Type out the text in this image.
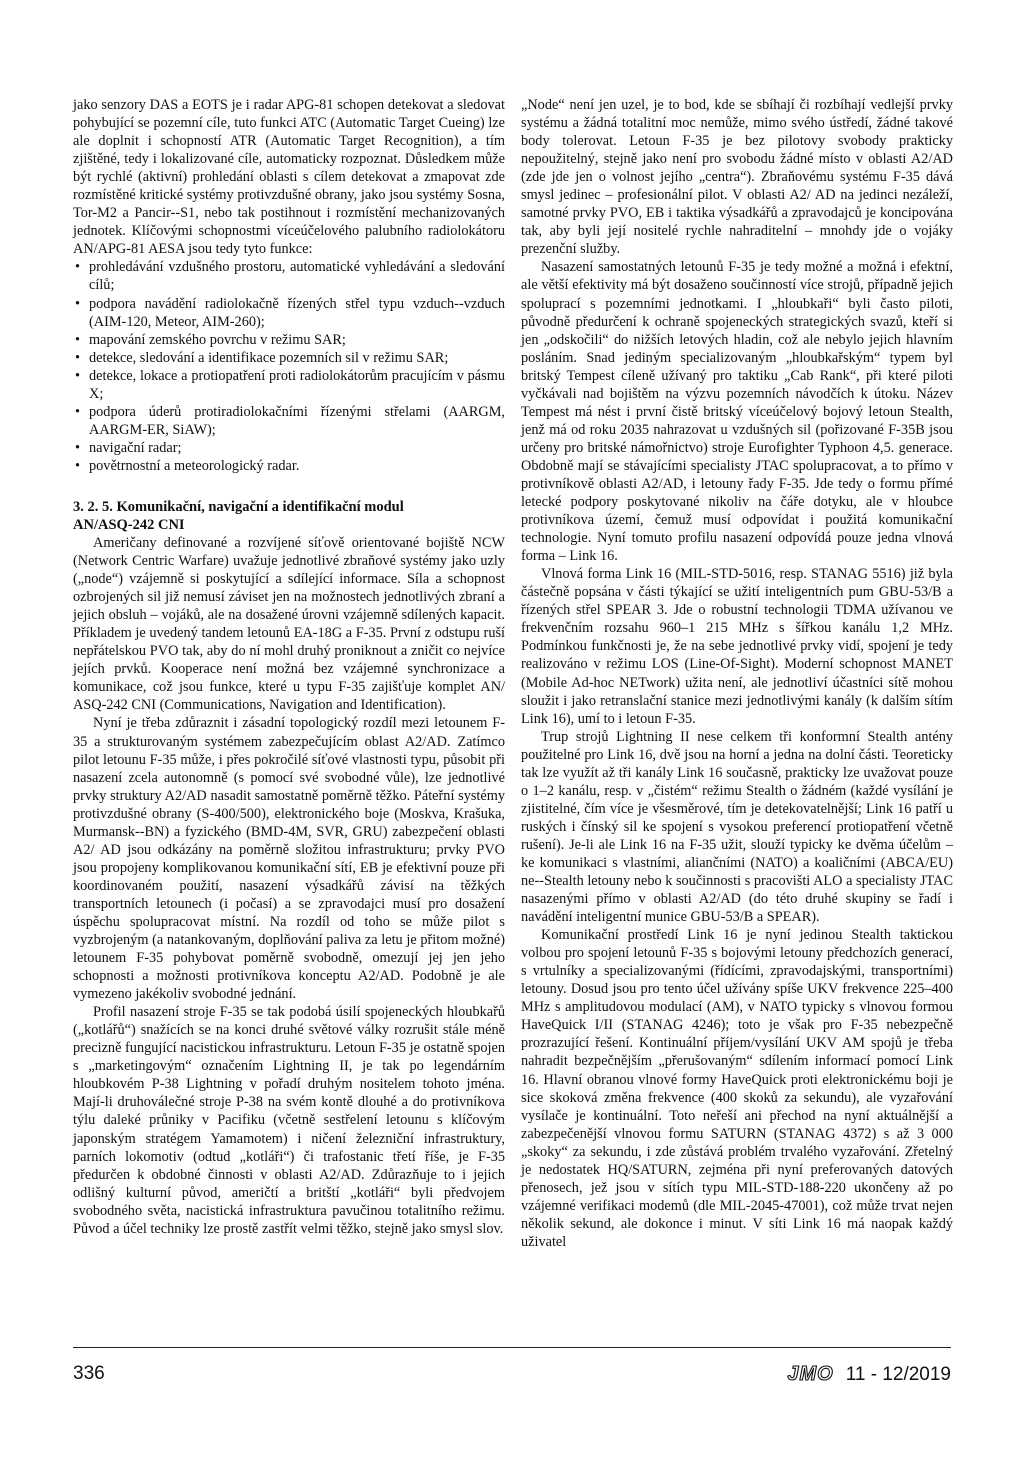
jako senzory DAS a EOTS je i radar APG-81 schopen detekovat a sledovat pohybující se pozemní cíle, tuto funkci ATC (Automatic Target Cueing) lze ale doplnit i schopností ATR (Automatic Target Recognition), a tím zjištěné, tedy i lokalizované cíle, automaticky rozpoznat. Důsledkem může být rychlé (aktivní) prohledání oblasti s cílem detekovat a zmapovat zde rozmístěné kritické systémy protivzdušné obrany, jako jsou systémy Sosna, Tor-M2 a Pancir--S1, nebo tak postihnout i rozmístění mechanizovaných jednotek. Klíčovými schopnostmi víceúčelového palubního radiolokátoru AN/APG-81 AESA jsou tedy tyto funkce:

• prohledávání vzdušného prostoru, automatické vyhledávání a sledování cílů;
• podpora navádění radiolokačně řízených střel typu vzduch--vzduch (AIM-120, Meteor, AIM-260);
• mapování zemského povrchu v režimu SAR;
• detekce, sledování a identifikace pozemních sil v režimu SAR;
• detekce, lokace a protiopatření proti radiolokátorům pracujícím v pásmu X;
• podpora úderů protiradiolokačními řízenými střelami (AARGM, AARGM-ER, SiAW);
• navigační radar;
• povětrnostní a meteorologický radar.
3. 2. 5. Komunikační, navigační a identifikační modul
AN/ASQ-242 CNI

Američany definované a rozvíjené síťově orientované bojiště NCW (Network Centric Warfare) uvažuje jednotlivé zbraňové systémy jako uzly („node“) vzájemně si poskytující a sdílející informace. Síla a schopnost ozbrojených sil již nemusí záviset jen na možnostech jednotlivých zbraní a jejich obsluh – vojáků, ale na dosažené úrovni vzájemně sdílených kapacit. Příkladem je uvedený tandem letounů EA-18G a F-35. První z odstupu ruší nepřátelskou PVO tak, aby do ní mohl druhý proniknout a zničit co nejvíce jejích prvků. Kooperace není možná bez vzájemné synchronizace a komunikace, což jsou funkce, které u typu F-35 zajišťuje komplet AN/ ASQ-242 CNI (Communications, Navigation and Identification).

Nyní je třeba zdůraznit i zásadní topologický rozdíl mezi letounem F-35 a strukturovaným systémem zabezpečujícím oblast A2/AD. Zatímco pilot letounu F-35 může, i přes pokročilé síťové vlastnosti typu, působit při nasazení zcela autonomně (s pomocí své svobodné vůle), lze jednotlivé prvky struktury A2/AD nasadit samostatně poměrně těžko. Páteřní systémy protivzdušné obrany (S-400/500), elektronického boje (Moskva, Krašuka, Murmansk--BN) a fyzického (BMD-4M, SVR, GRU) zabezpečení oblasti A2/ AD jsou odkázány na poměrně složitou infrastrukturu; prvky PVO jsou propojeny komplikovanou komunikační sítí, EB je efektivní pouze při koordinovaném použití, nasazení výsadkářů závisí na těžkých transportních letounech (i počasí) a se zpravodajci musí pro dosažení úspěchu spolupracovat místní. Na rozdíl od toho se může pilot s vyzbrojeným (a natankovaným, doplňování paliva za letu je přitom možné) letounem F-35 pohybovat poměrně svobodně, omezují jej jen jeho schopnosti a možnosti protivníkova konceptu A2/AD. Podobně je ale vymezeno jakékoliv svobodné jednání.

Profil nasazení stroje F-35 se tak podobá úsilí spojeneckých hloubkařů („kotlářů“) snažících se na konci druhé světové války rozrušit stále méně precizně fungující nacistickou infrastrukturu. Letoun F-35 je ostatně spojen s „marketingovým“ označením Lightning II, je tak po legendárním hloubkovém P-38 Lightning v pořadí druhým nositelem tohoto jména. Mají-li druhoválečné stroje P-38 na svém kontě dlouhé a do protivníkova týlu daleké průniky v Pacifiku (včetně sestřelení letounu s klíčovým japonským stratégem Yamamotem) i ničení železniční infrastruktury, parních lokomotiv (odtud „kotláři“) či trafostanic třetí říše, je F-35 předurčen k obdobné činnosti v oblasti A2/AD. Zdůrazňuje to i jejich odlišný kulturní původ, američtí a britští „kotláři“ byli předvojem svobodného světa, nacistická infrastruktura pavučinou totalitního režimu. Původ a účel techniky lze prostě zastřít velmi těžko, stejně jako smysl slov.

„Node“ není jen uzel, je to bod, kde se sbíhají či rozbíhají vedlejší prvky systému a žádná totalitní moc nemůže, mimo svého ústředí, žádné takové body tolerovat. Letoun F-35 je bez pilotovy svobody prakticky nepoužitelný, stejně jako není pro svobodu žádné místo v oblasti A2/AD (zde jde jen o volnost jejího „centra“). Zbraňovému systému F-35 dává smysl jedinec – profesionální pilot. V oblasti A2/ AD na jedinci nezáleží, samotné prvky PVO, EB i taktika výsadkářů a zpravodajců je koncipována tak, aby byli její nositelé rychle nahraditelní – mnohdy jde o vojáky prezenční služby.

Nasazení samostatných letounů F-35 je tedy možné a možná i efektní, ale větší efektivity má být dosaženo součinností více strojů, případně jejich spoluprací s pozemními jednotkami. I „hloubkaři“ byli často piloti, původně předurčení k ochraně spojeneckých strategických svazů, kteří si jen „odskočili“ do nižších letových hladin, což ale nebylo jejich hlavním posláním. Snad jediným specializovaným „hloubkařským“ typem byl britský Tempest cíleně užívaný pro taktiku „Cab Rank“, při které piloti vyčkávali nad bojištěm na výzvu pozemních návodčích k útoku. Název Tempest má nést i první čistě britský víceúčelový bojový letoun Stealth, jenž má od roku 2035 nahrazovat u vzdušných sil (pořizované F-35B jsou určeny pro britské námořnictvo) stroje Eurofighter Typhoon 4,5. generace. Obdobně mají se stávajícími specialisty JTAC spolupracovat, a to přímo v protivníkově oblasti A2/AD, i letouny řady F-35. Jde tedy o formu přímé letecké podpory poskytované nikoliv na čáře dotyku, ale v hloubce protivníkova území, čemuž musí odpovídat i použitá komunikační technologie. Nyní tomuto profilu nasazení odpovídá pouze jedna vlnová forma – Link 16.

Vlnová forma Link 16 (MIL-STD-5016, resp. STANAG 5516) již byla částečně popsána v části týkající se užití inteligentních pum GBU-53/B a řízených střel SPEAR 3. Jde o robustní technologii TDMA užívanou ve frekvenčním rozsahu 960–1 215 MHz s šířkou kanálu 1,2 MHz. Podmínkou funkčnosti je, že na sebe jednotlivé prvky vidí, spojení je tedy realizováno v režimu LOS (Line-Of-Sight). Moderní schopnost MANET (Mobile Ad-hoc NETwork) užita není, ale jednotliví účastníci sítě mohou sloužit i jako retranslační stanice mezi jednotlivými kanály (k dalším sítím Link 16), umí to i letoun F-35.

Trup strojů Lightning II nese celkem tři konformní Stealth antény použitelné pro Link 16, dvě jsou na horní a jedna na dolní části. Teoreticky tak lze využít až tři kanály Link 16 současně, prakticky lze uvažovat pouze o 1–2 kanálu, resp. v „čistém“ režimu Stealth o žádném (každé vysílání je zjistitelné, čím více je všesměrové, tím je detekovatelnější; Link 16 patří u ruských i čínský sil ke spojení s vysokou preferencí protiopatření včetně rušení). Je-li ale Link 16 na F-35 užit, slouží typicky ke dvěma účelům – ke komunikaci s vlastními, aliančními (NATO) a koaličními (ABCA/EU) ne--Stealth letouny nebo k součinnosti s pracovišti ALO a specialisty JTAC nasazenými přímo v oblasti A2/AD (do této druhé skupiny se řadí i navádění inteligentní munice GBU-53/B a SPEAR).

Komunikační prostředí Link 16 je nyní jedinou Stealth taktickou volbou pro spojení letounů F-35 s bojovými letouny předchozích generací, s vrtulníky a specializovanými (řídícími, zpravodajskými, transportními) letouny. Dosud jsou pro tento účel užívány spíše UKV frekvence 225–400 MHz s amplitudovou modulací (AM), v NATO typicky s vlnovou formou HaveQuick I/II (STANAG 4246); toto je však pro F-35 nebezpečně prozrazující řešení. Kontinuální příjem/vysílání UKV AM spojů je třeba nahradit bezpečnějším „přerušovaným“ sdílením informací pomocí Link 16. Hlavní obranou vlnové formy HaveQuick proti elektronickému boji je sice skoková změna frekvence (400 skoků za sekundu), ale vyzařování vysílače je kontinuální. Toto neřeší ani přechod na nyní aktuálnější a zabezpečenější vlnovou formu SATURN (STANAG 4372) s až 3 000 „skoky“ za sekundu, i zde zůstává problém trvalého vyzařování. Zřetelný je nedostatek HQ/SATURN, zejména při nyní preferovaných datových přenosech, jež jsou v sítích typu MIL-STD-188-220 ukončeny až po vzájemné verifikaci modemů (dle MIL-2045-47001), což může trvat nejen několik sekund, ale dokonce i minut. V síti Link 16 má naopak každý uživatel

336	JMO 11 - 12/2019
